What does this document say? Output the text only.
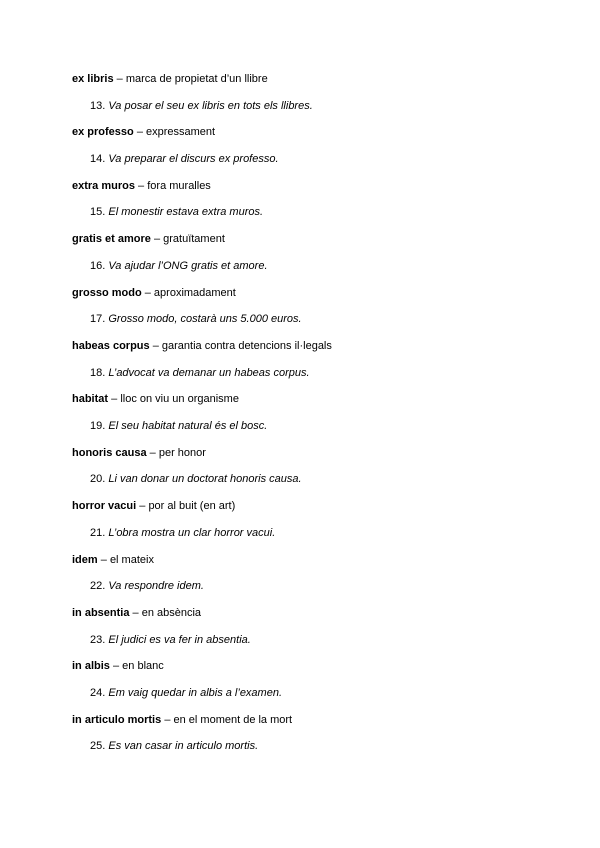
ex libris – marca de propietat d’un llibre
13. Va posar el seu ex libris en tots els llibres.
ex professo – expressament
14. Va preparar el discurs ex professo.
extra muros – fora muralles
15. El monestir estava extra muros.
gratis et amore – gratuïtament
16. Va ajudar l’ONG gratis et amore.
grosso modo – aproximadament
17. Grosso modo, costarà uns 5.000 euros.
habeas corpus – garantia contra detencions il·legals
18. L’advocat va demanar un habeas corpus.
habitat – lloc on viu un organisme
19. El seu habitat natural és el bosc.
honoris causa – per honor
20. Li van donar un doctorat honoris causa.
horror vacui – por al buit (en art)
21. L’obra mostra un clar horror vacui.
idem – el mateix
22. Va respondre idem.
in absentia – en absència
23. El judici es va fer in absentia.
in albis – en blanc
24. Em vaig quedar in albis a l’examen.
in articulo mortis – en el moment de la mort
25. Es van casar in articulo mortis.
